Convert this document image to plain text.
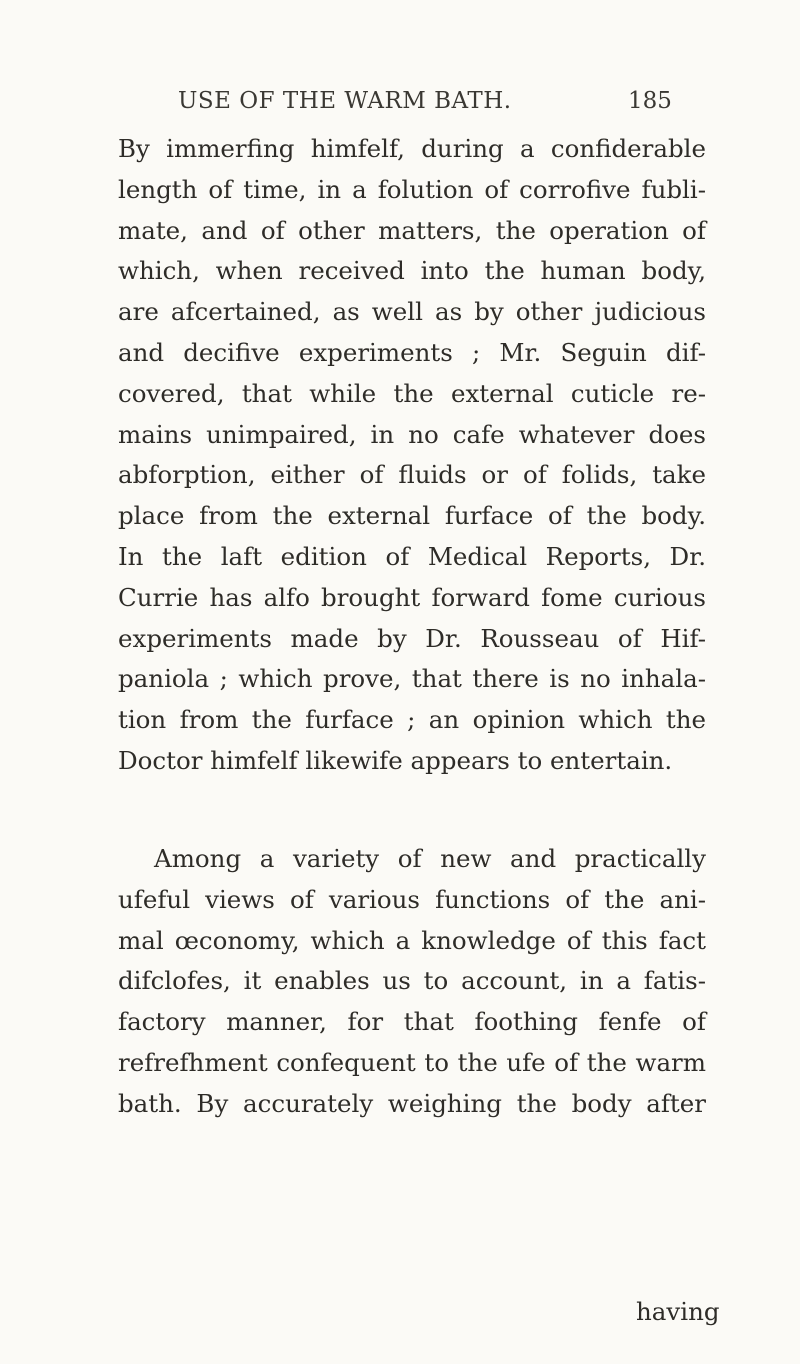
USE OF THE WARM BATH.	185
By immerfing himfelf, during a confiderable
length of time, in a folution of corrofive fubli-
mate, and of other matters, the operation of
which, when received into the human body,
are afcertained, as well as by other judicious
and decifive experiments ; Mr. Seguin dif-
covered, that while the external cuticle re-
mains unimpaired, in no cafe whatever does
abforption, either of fluids or of folids, take
place from the external furface of the body.
In the laft edition of Medical Reports, Dr.
Currie has alfo brought forward fome curious
experiments made by Dr. Rousseau of Hif-
paniola ; which prove, that there is no inhala-
tion from the furface ; an opinion which the
Doctor himfelf likewife appears to entertain.
Among a variety of new and practically
ufeful views of various functions of the ani-
mal œconomy, which a knowledge of this fact
difclofes, it enables us to account, in a fatis-
factory manner, for that foothing fenfe of
refrefhment confequent to the ufe of the warm
bath. By accurately weighing the body after
having
